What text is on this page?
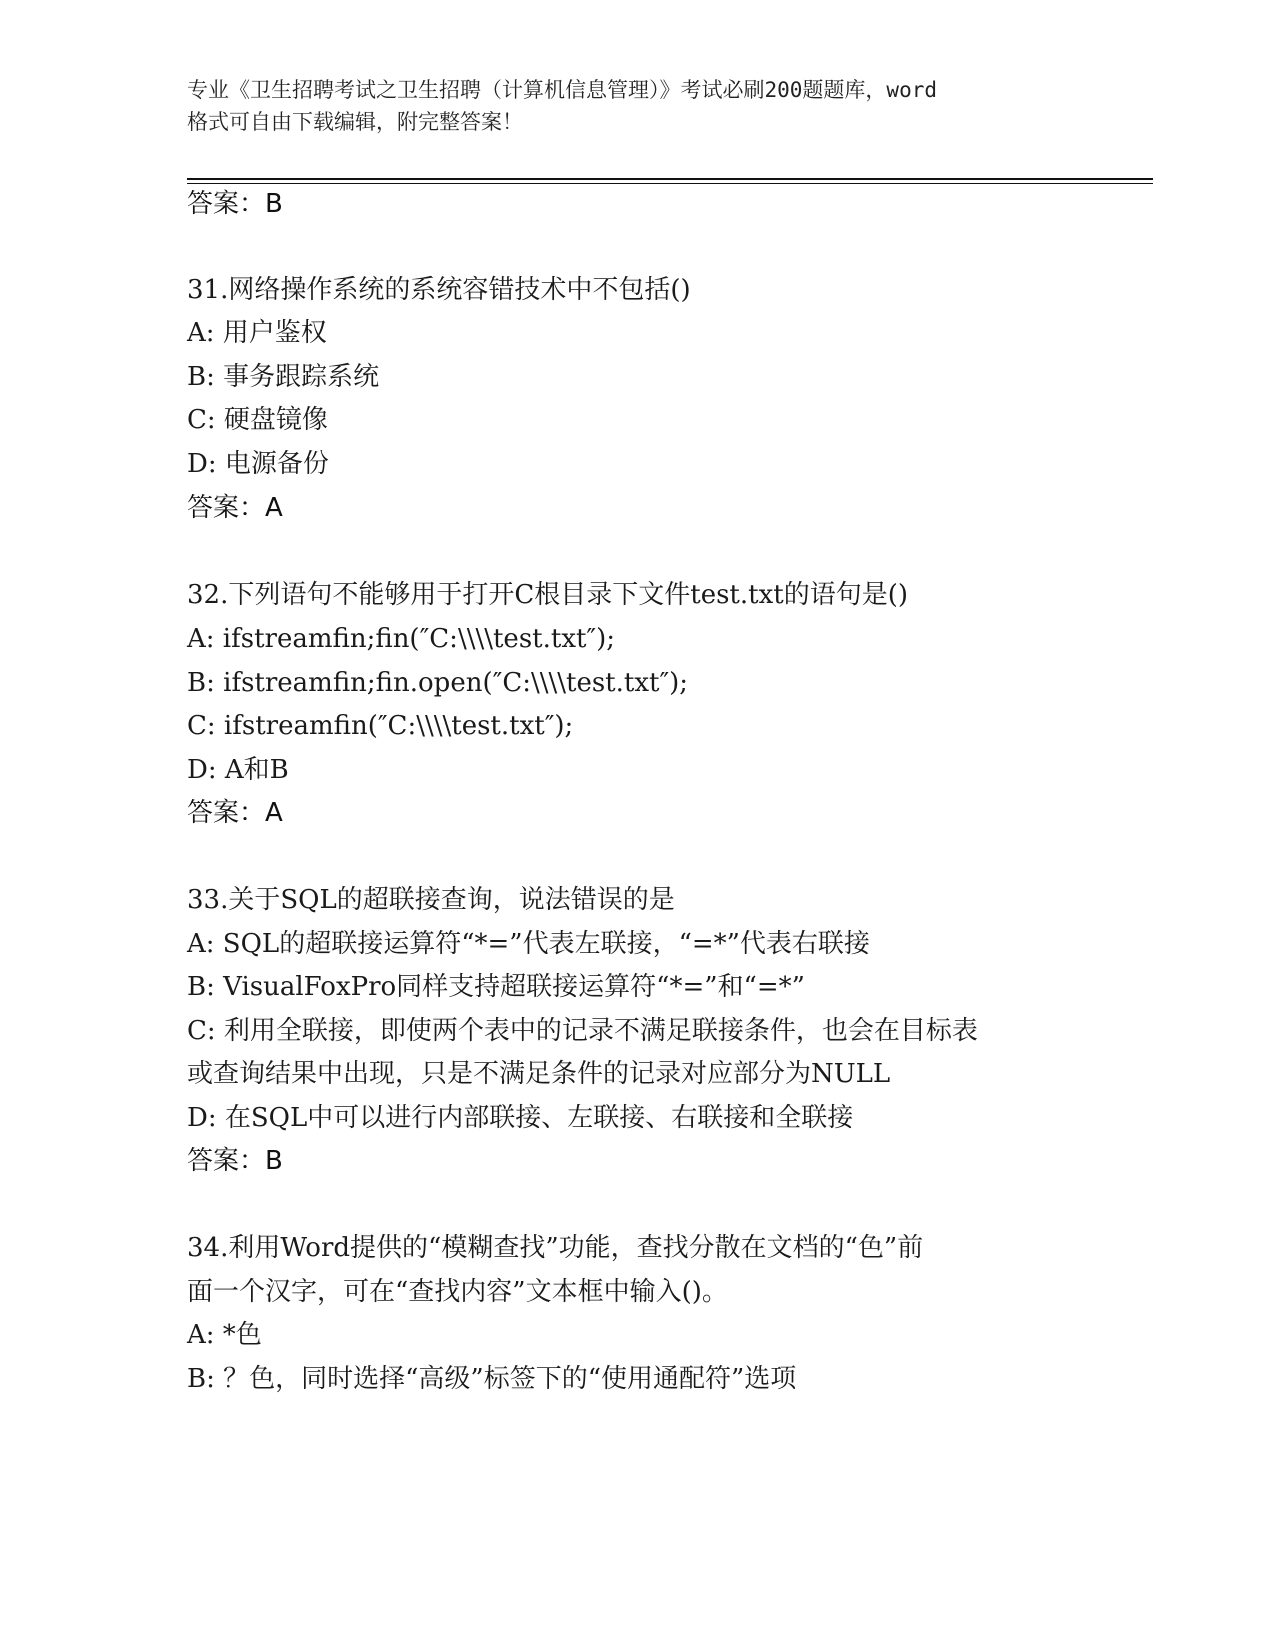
专业《卫生招聘考试之卫生招聘（计算机信息管理）》考试必刷200题题库，word
格式可自由下载编辑，附完整答案！
答案：B
31.网络操作系统的系统容错技术中不包括()
A: 用户鉴权
B: 事务跟踪系统
C: 硬盘镜像
D: 电源备份
答案：A
32.下列语句不能够用于打开C根目录下文件test.txt的语句是()
A: ifstreamfin;fin(″C:\\\\test.txt″);
B: ifstreamfin;fin.open(″C:\\\\test.txt″);
C: ifstreamfin(″C:\\\\test.txt″);
D: A和B
答案：A
33.关于SQL的超联接查询，说法错误的是
A: SQL的超联接运算符“*=”代表左联接，“=*”代表右联接
B: VisualFoxPro同样支持超联接运算符“*=”和“=*”
C: 利用全联接，即使两个表中的记录不满足联接条件，也会在目标表
或查询结果中出现，只是不满足条件的记录对应部分为NULL
D: 在SQL中可以进行内部联接、左联接、右联接和全联接
答案：B
34.利用Word提供的“模糊查找”功能，查找分散在文档的“色”前
面一个汉字，可在“查找内容”文本框中输入()。
A: *色
B: ？色，同时选择“高级”标签下的“使用通配符”选项
